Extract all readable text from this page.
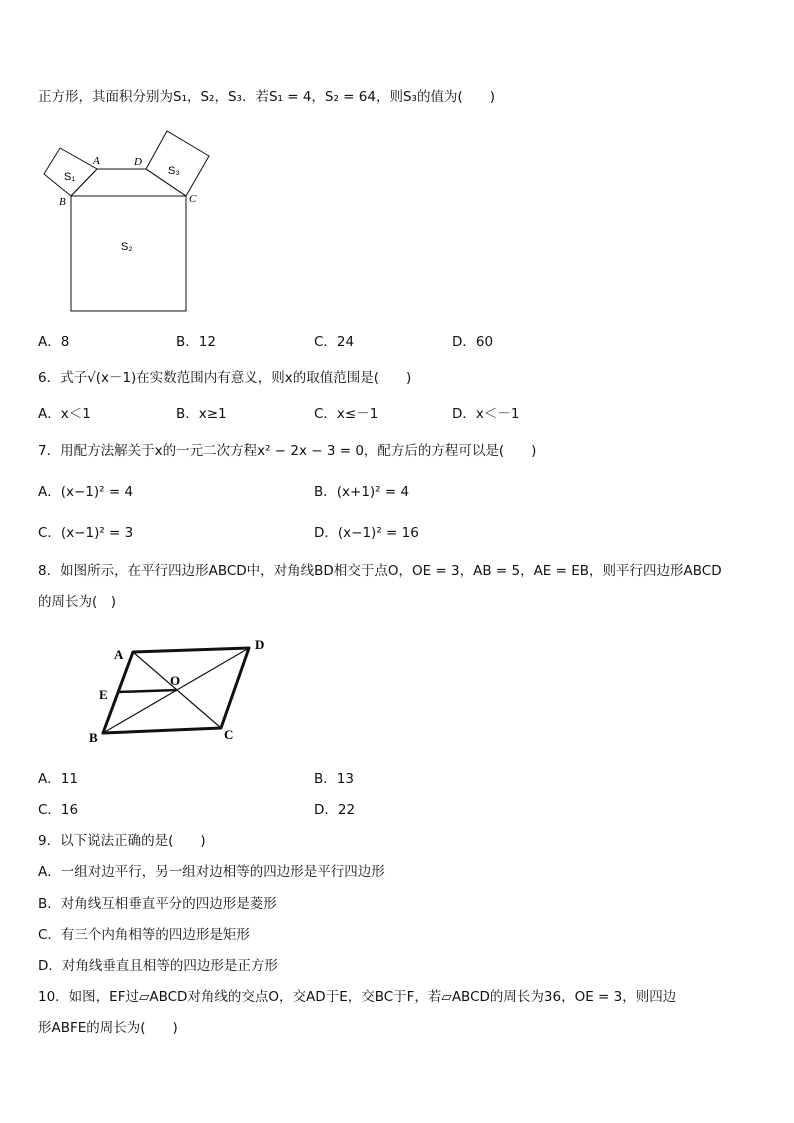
正方形，其面积分别为S₁，S₂，S₃．若S₁ = 4，S₂ = 64，则S₃的值为(　　)
S₁
A	D
S₃
B	C
S₂
A．8	B．12	C．24	D．60
6．式子√(x－1)在实数范围内有意义，则x的取值范围是(　　)
A．x＜1	B．x≥1	C．x≤－1	D．x＜－1
7．用配方法解关于x的一元二次方程x² − 2x − 3 = 0，配方后的方程可以是(　　)
A．(x−1)² = 4	B．(x+1)² = 4
C．(x−1)² = 3	D．(x−1)² = 16
8．如图所示，在平行四边形ABCD中，对角线BD相交于点O，OE = 3，AB = 5，AE = EB，则平行四边形ABCD
的周长为(　)
A
D
E
O
B	C
A．11	B．13
C．16	D．22
9．以下说法正确的是(　　)
A．一组对边平行，另一组对边相等的四边形是平行四边形
B．对角线互相垂直平分的四边形是菱形
C．有三个内角相等的四边形是矩形
D．对角线垂直且相等的四边形是正方形
10．如图，EF过▱ABCD对角线的交点O，交AD于E，交BC于F，若▱ABCD的周长为36，OE = 3，则四边
形ABFE的周长为(　　)
